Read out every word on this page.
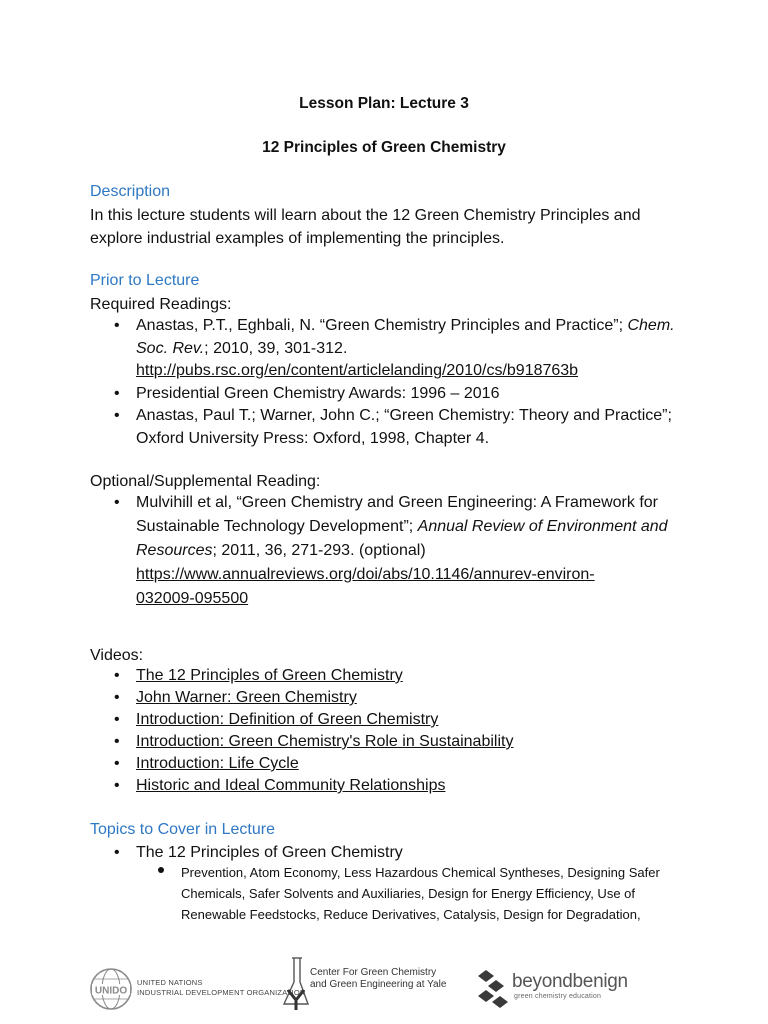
Lesson Plan: Lecture 3
12 Principles of Green Chemistry
Description
In this lecture students will learn about the 12 Green Chemistry Principles and
explore industrial examples of implementing the principles.
Prior to Lecture
Required Readings:
• Anastas, P.T., Eghbali, N. “Green Chemistry Principles and Practice”; Chem.
Soc. Rev.; 2010, 39, 301-312.
http://pubs.rsc.org/en/content/articlelanding/2010/cs/b918763b
• Presidential Green Chemistry Awards: 1996 – 2016
• Anastas, Paul T.; Warner, John C.; “Green Chemistry: Theory and Practice”;
Oxford University Press: Oxford, 1998, Chapter 4.
Optional/Supplemental Reading:
• Mulvihill et al, “Green Chemistry and Green Engineering: A Framework for
Sustainable Technology Development”; Annual Review of Environment and
Resources; 2011, 36, 271-293. (optional)
https://www.annualreviews.org/doi/abs/10.1146/annurev-environ-
032009-095500
Videos:
• The 12 Principles of Green Chemistry
• John Warner: Green Chemistry
• Introduction: Definition of Green Chemistry
• Introduction: Green Chemistry's Role in Sustainability
• Introduction: Life Cycle
• Historic and Ideal Community Relationships
Topics to Cover in Lecture
• The 12 Principles of Green Chemistry
Prevention, Atom Economy, Less Hazardous Chemical Syntheses, Designing Safer
Chemicals, Safer Solvents and Auxiliaries, Design for Energy Efficiency, Use of
Renewable Feedstocks, Reduce Derivatives, Catalysis, Design for Degradation,
UNIDO
UNITED NATIONS
INDUSTRIAL DEVELOPMENT ORGANIZATION
Center For Green Chemistry
and Green Engineering at Yale	beyondbenign
green chemistry education
